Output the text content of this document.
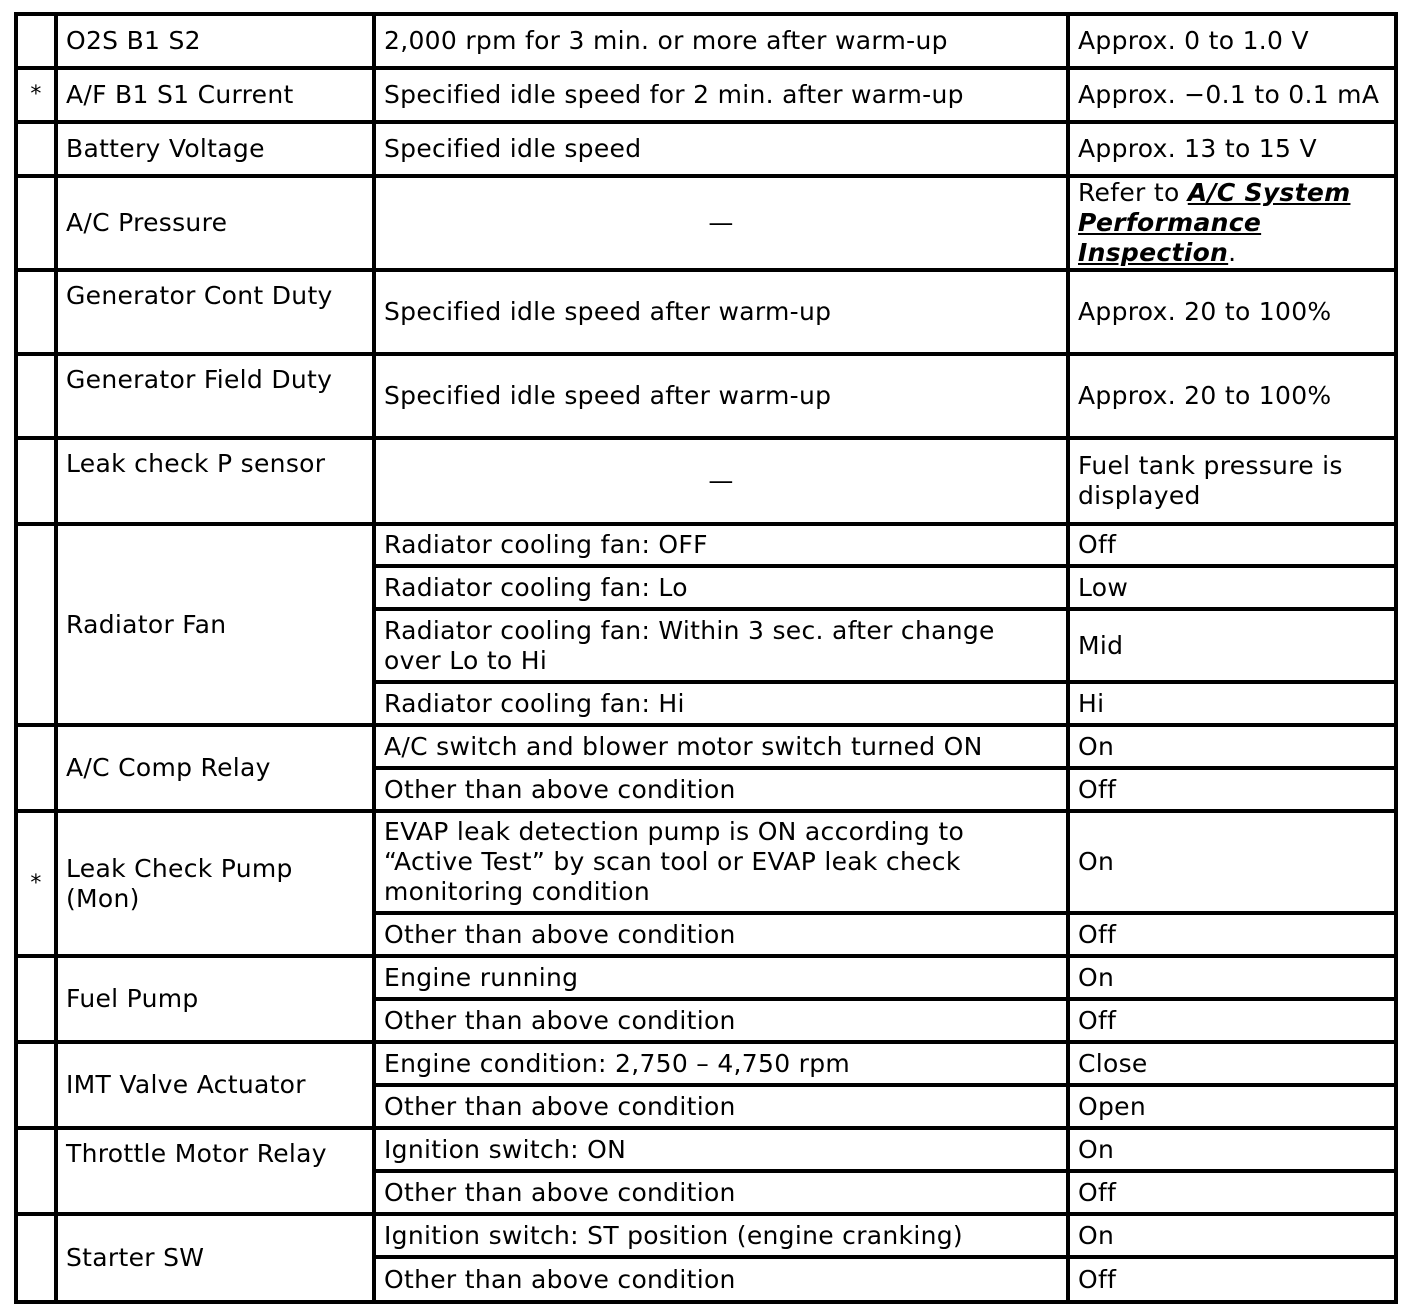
	O2S B1 S2	2,000 rpm for 3 min. or more after warm-up	Approx. 0 to 1.0 V
*	A/F B1 S1 Current	Specified idle speed for 2 min. after warm-up	Approx. −0.1 to 0.1 mA
	Battery Voltage	Specified idle speed	Approx. 13 to 15 V
	A/C Pressure	—	Refer to A/C System Performance Inspection.
	Generator Cont Duty	Specified idle speed after warm-up	Approx. 20 to 100%
	Generator Field Duty	Specified idle speed after warm-up	Approx. 20 to 100%
	Leak check P sensor	—	Fuel tank pressure is displayed
	Radiator Fan	Radiator cooling fan: OFF	Off
		Radiator cooling fan: Lo	Low
		Radiator cooling fan: Within 3 sec. after change over Lo to Hi	Mid
		Radiator cooling fan: Hi	Hi
	A/C Comp Relay	A/C switch and blower motor switch turned ON	On
		Other than above condition	Off
*	Leak Check Pump (Mon)	EVAP leak detection pump is ON according to “Active Test” by scan tool or EVAP leak check monitoring condition	On
		Other than above condition	Off
	Fuel Pump	Engine running	On
		Other than above condition	Off
	IMT Valve Actuator	Engine condition: 2,750 – 4,750 rpm	Close
		Other than above condition	Open
	Throttle Motor Relay	Ignition switch: ON	On
		Other than above condition	Off
	Starter SW	Ignition switch: ST position (engine cranking)	On
		Other than above condition	Off
